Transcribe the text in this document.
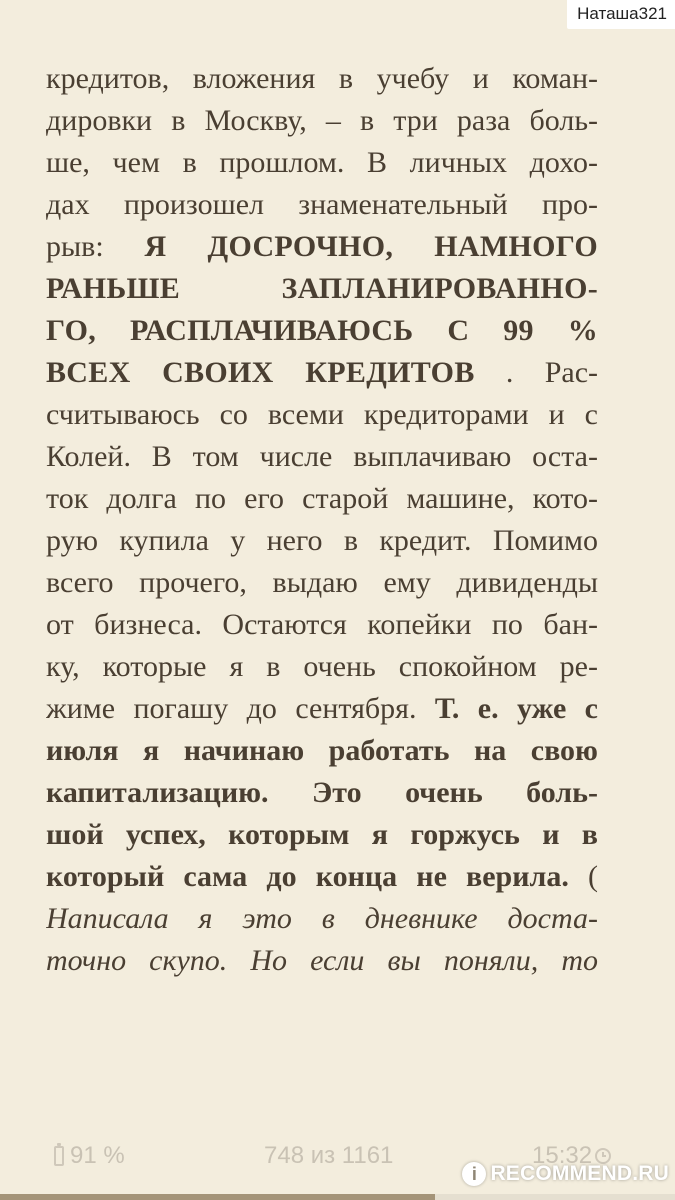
Наташа321
кредитов, вложения в учебу и коман-
дировки в Москву, – в три раза боль-
ше, чем в прошлом. В личных дохо-
дах произошел знаменательный про-
рыв: Я ДОСРОЧНО, НАМНОГО
РАНЬШЕ ЗАПЛАНИРОВАННО-
ГО, РАСПЛАЧИВАЮСЬ С 99 %
ВСЕХ СВОИХ КРЕДИТОВ . Рас-
считываюсь со всеми кредиторами и с
Колей. В том числе выплачиваю оста-
ток долга по его старой машине, кото-
рую купила у него в кредит. Помимо
всего прочего, выдаю ему дивиденды
от бизнеса. Остаются копейки по бан-
ку, которые я в очень спокойном ре-
жиме погашу до сентября. Т. е. уже с
июля я начинаю работать на свою
капитализацию. Это очень боль-
шой успех, которым я горжусь и в
который сама до конца не верила. (
Написала я это в дневнике доста-
точно скупо. Но если вы поняли, то
91 %	748 из 1161	15:32
i RECOMMEND.RU
